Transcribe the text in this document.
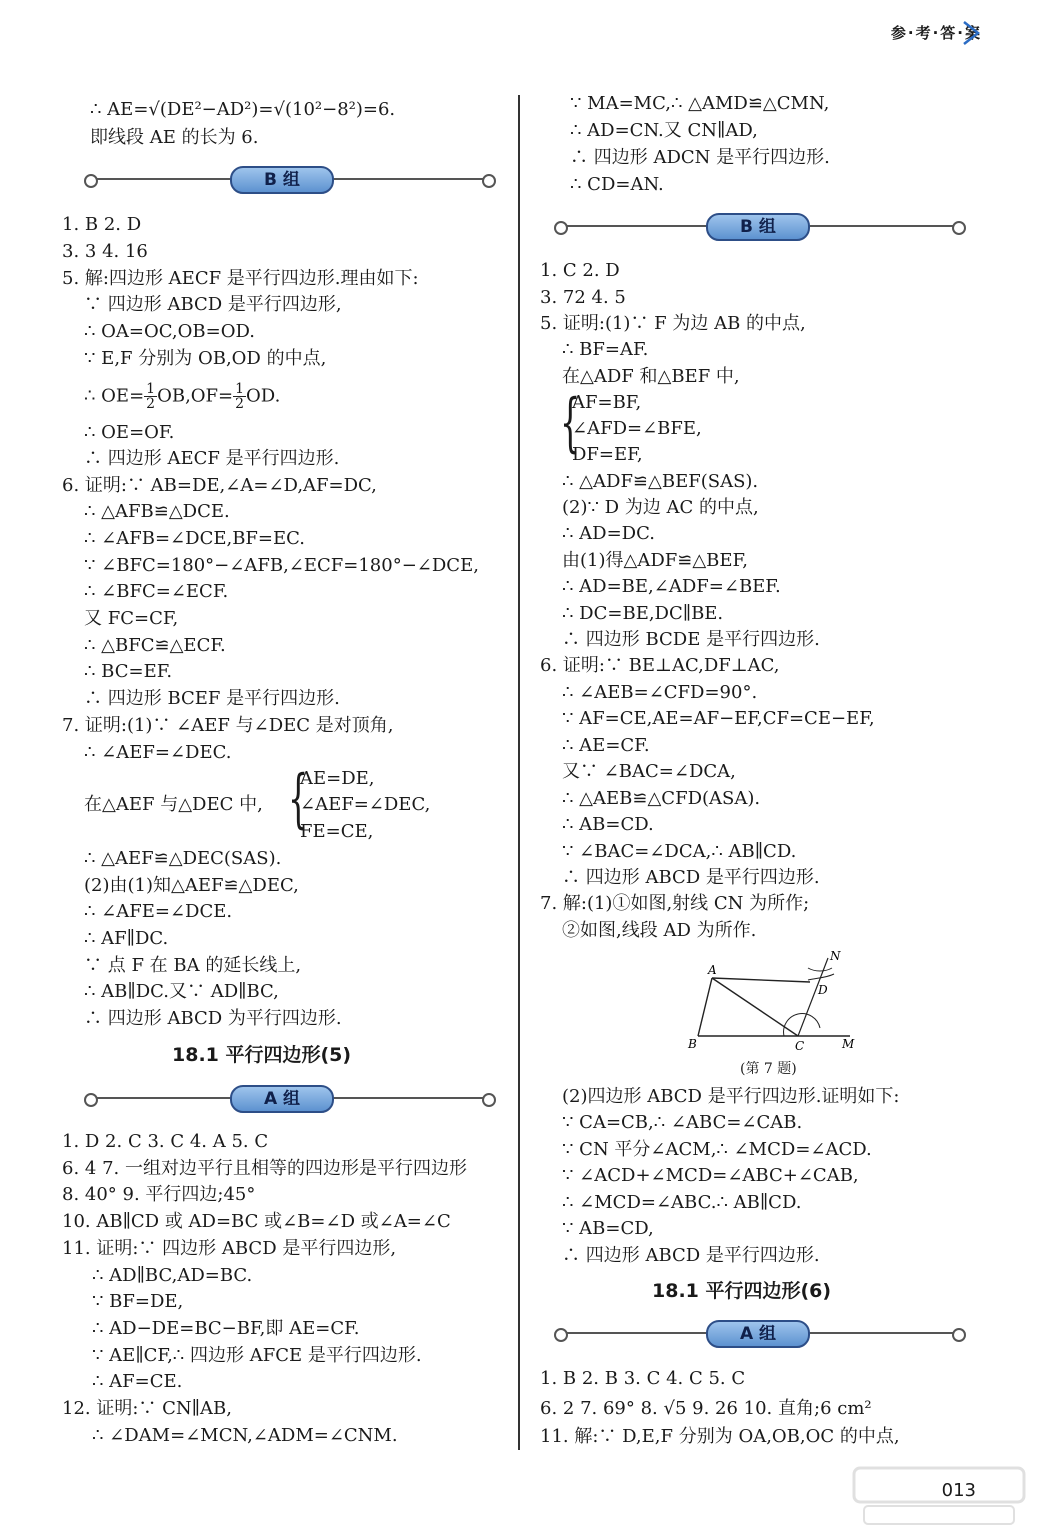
参·考·答·案
∴ AE=√(DE²−AD²)=√(10²−8²)=6.
即线段 AE 的长为 6.
B 组
1. B 2. D
3. 3 4. 16
5. 解:四边形 AECF 是平行四边形.理由如下:
∵ 四边形 ABCD 是平行四边形,
∴ OA=OC,OB=OD.
∵ E,F 分别为 OB,OD 的中点,
∴ $OE= \frac{1}{2} OB,OF= \frac{1}{2}$ OD.
∴ OE=OF.
∴ 四边形 AECF 是平行四边形.
6. 证明:∵ AB=DE,∠A=∠D,AF=DC,
∴ △AFB≌△DCE.
∴ ∠AFB=∠DCE,BF=EC.
∵ ∠BFC=180°−∠AFB,∠ECF=180°−∠DCE,
∴ ∠BFC=∠ECF.
又 FC=CF,
∴ △BFC≌△ECF.
∴ BC=EF.
∴ 四边形 BCEF 是平行四边形.
7. 证明:(1)∵ ∠AEF 与∠DEC 是对顶角,
∴ ∠AEF=∠DEC.
AE=DE,
在△AEF 与△DEC 中, {
∠AEF=∠DEC,
FE=CE,
∴ △AEF≌△DEC(SAS).
(2)由(1)知△AEF≌△DEC,
∴ ∠AFE=∠DCE.
∴ AF∥DC.
∵ 点 F 在 BA 的延长线上,
∴ AB∥DC.又∵ AD∥BC,
∴ 四边形 ABCD 为平行四边形.
18.1 平行四边形(5)
A 组
1. D 2. C 3. C 4. A 5. C
6. 4 7. 一组对边平行且相等的四边形是平行四边形
8. 40° 9. 平行四边;45°
10. AB∥CD 或 AD=BC 或∠B=∠D 或∠A=∠C
11. 证明:∵ 四边形 ABCD 是平行四边形,
∴ AD∥BC,AD=BC.
∵ BF=DE,
∴ AD−DE=BC−BF,即 AE=CF.
∵ AE∥CF,∴ 四边形 AFCE 是平行四边形.
∴ AF=CE.
12. 证明:∵ CN∥AB,
∴ ∠DAM=∠MCN,∠ADM=∠CNM.
∵ MA=MC,∴ △AMD≌△CMN,
∴ AD=CN.又 CN∥AD,
∴ 四边形 ADCN 是平行四边形.
∴ CD=AN.
B 组
1. C 2. D
3. 72 4. 5
5. 证明:(1)∵ F 为边 AB 的中点,
∴ BF=AF.
在△ADF 和△BEF 中,
{
AF=BF,
∠AFD=∠BFE,
DF=EF,
∴ △ADF≌△BEF(SAS).
(2)∵ D 为边 AC 的中点,
∴ AD=DC.
由(1)得△ADF≌△BEF,
∴ AD=BE,∠ADF=∠BEF.
∴ DC=BE,DC∥BE.
∴ 四边形 BCDE 是平行四边形.
6. 证明:∵ BE⊥AC,DF⊥AC,
∴ ∠AEB=∠CFD=90°.
∵ AF=CE,AE=AF−EF,CF=CE−EF,
∴ AE=CF.
又∵ ∠BAC=∠DCA,
∴ △AEB≌△CFD(ASA).
∴ AB=CD.
∵ ∠BAC=∠DCA,∴ AB∥CD.
∴ 四边形 ABCD 是平行四边形.
7. 解:(1)①如图,射线 CN 为所作;
②如图,线段 AD 为所作.
(2)四边形 ABCD 是平行四边形.证明如下:
∵ CA=CB,∴ ∠ABC=∠CAB.
∵ CN 平分∠ACM,∴ ∠MCD=∠ACD.
∵ ∠ACD+∠MCD=∠ABC+∠CAB,
∴ ∠MCD=∠ABC.∴ AB∥CD.
∵ AB=CD,
∴ 四边形 ABCD 是平行四边形.
18.1 平行四边形(6)
A 组
1. B 2. B 3. C 4. C 5. C
6. 2 7. 69° 8. √5 9. 26 10. 直角;6 cm²
11. 解:∵ D,E,F 分别为 OA,OB,OC 的中点,
A
N
D
B	C	M
(第 7 题)
013
